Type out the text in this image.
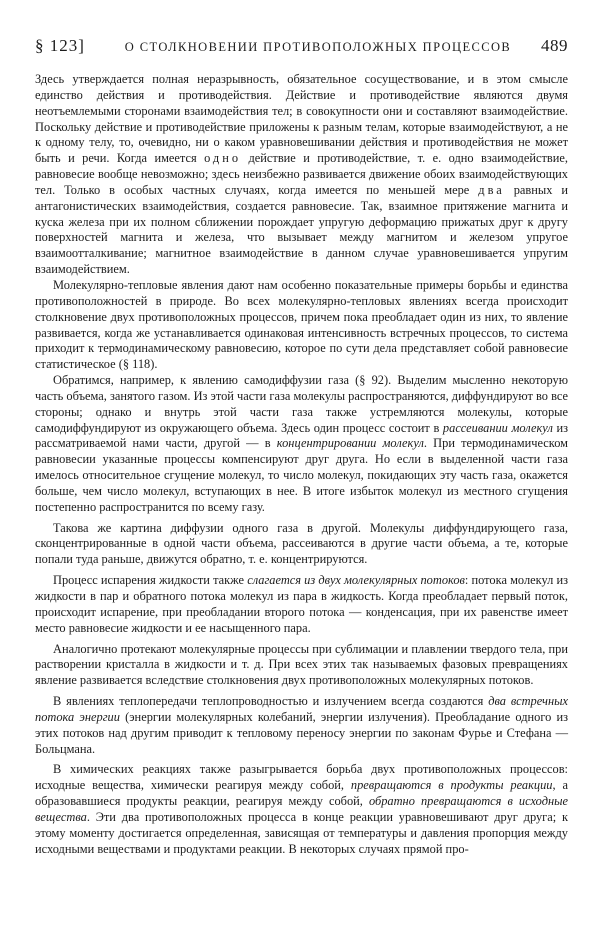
§ 123]	О СТОЛКНОВЕНИИ ПРОТИВОПОЛОЖНЫХ ПРОЦЕССОВ	489

Здесь утверждается полная неразрывность, обязательное сосуществование, и в этом смысле единство действия и противодействия. Действие и противодействие являются двумя неотъемлемыми сторонами взаимодействия тел; в совокупности они и составляют взаимодействие. Поскольку действие и противодействие приложены к разным телам, которые взаимодействуют, а не к одному телу, то, очевидно, ни о каком уравновешивании действия и противодействия не может быть и речи. Когда имеется одно действие и противодействие, т. е. одно взаимодействие, равновесие вообще невозможно; здесь неизбежно развивается движение обоих взаимодействующих тел. Только в особых частных случаях, когда имеется по меньшей мере два равных и антагонистических взаимодействия, создается равновесие. Так, взаимное притяжение магнита и куска железа при их полном сближении порождает упругую деформацию прижатых друг к другу поверхностей магнита и железа, что вызывает между магнитом и железом упругое взаимоотталкивание; магнитное взаимодействие в данном случае уравновешивается упругим взаимодействием.

Молекулярно-тепловые явления дают нам особенно показательные примеры борьбы и единства противоположностей в природе. Во всех молекулярно-тепловых явлениях всегда происходит столкновение двух противоположных процессов, причем пока преобладает один из них, то явление развивается, когда же устанавливается одинаковая интенсивность встречных процессов, то система приходит к термодинамическому равновесию, которое по сути дела представляет собой равновесие статистическое (§ 118).

Обратимся, например, к явлению самодиффузии газа (§ 92). Выделим мысленно некоторую часть объема, занятого газом. Из этой части газа молекулы распространяются, диффундируют во все стороны; однако и внутрь этой части газа также устремляются молекулы, которые самодиффундируют из окружающего объема. Здесь один процесс состоит в рассеивании молекул из рассматриваемой нами части, другой — в концентрировании молекул. При термодинамическом равновесии указанные процессы компенсируют друг друга. Но если в выделенной части газа имелось относительное сгущение молекул, то число молекул, покидающих эту часть газа, окажется больше, чем число молекул, вступающих в нее. В итоге избыток молекул из местного сгущения постепенно распространится по всему газу.

Такова же картина диффузии одного газа в другой. Молекулы диффундирующего газа, сконцентрированные в одной части объема, рассеиваются в другие части объема, а те, которые попали туда раньше, движутся обратно, т. е. концентрируются.

Процесс испарения жидкости также слагается из двух молекулярных потоков: потока молекул из жидкости в пар и обратного потока молекул из пара в жидкость. Когда преобладает первый поток, происходит испарение, при преобладании второго потока — конденсация, при их равенстве имеет место равновесие жидкости и ее насыщенного пара.

Аналогично протекают молекулярные процессы при сублимации и плавлении твердого тела, при растворении кристалла в жидкости и т. д. При всех этих так называемых фазовых превращениях явление развивается вследствие столкновения двух противоположных молекулярных потоков.

В явлениях теплопередачи теплопроводностью и излучением всегда создаются два встречных потока энергии (энергии молекулярных колебаний, энергии излучения). Преобладание одного из этих потоков над другим приводит к тепловому переносу энергии по законам Фурье и Стефана — Больцмана.

В химических реакциях также разыгрывается борьба двух противоположных процессов: исходные вещества, химически реагируя между собой, превращаются в продукты реакции, а образовавшиеся продукты реакции, реагируя между собой, обратно превращаются в исходные вещества. Эти два противоположных процесса в конце реакции уравновешивают друг друга; к этому моменту достигается определенная, зависящая от температуры и давления пропорция между исходными веществами и продуктами реакции. В некоторых случаях прямой про-
